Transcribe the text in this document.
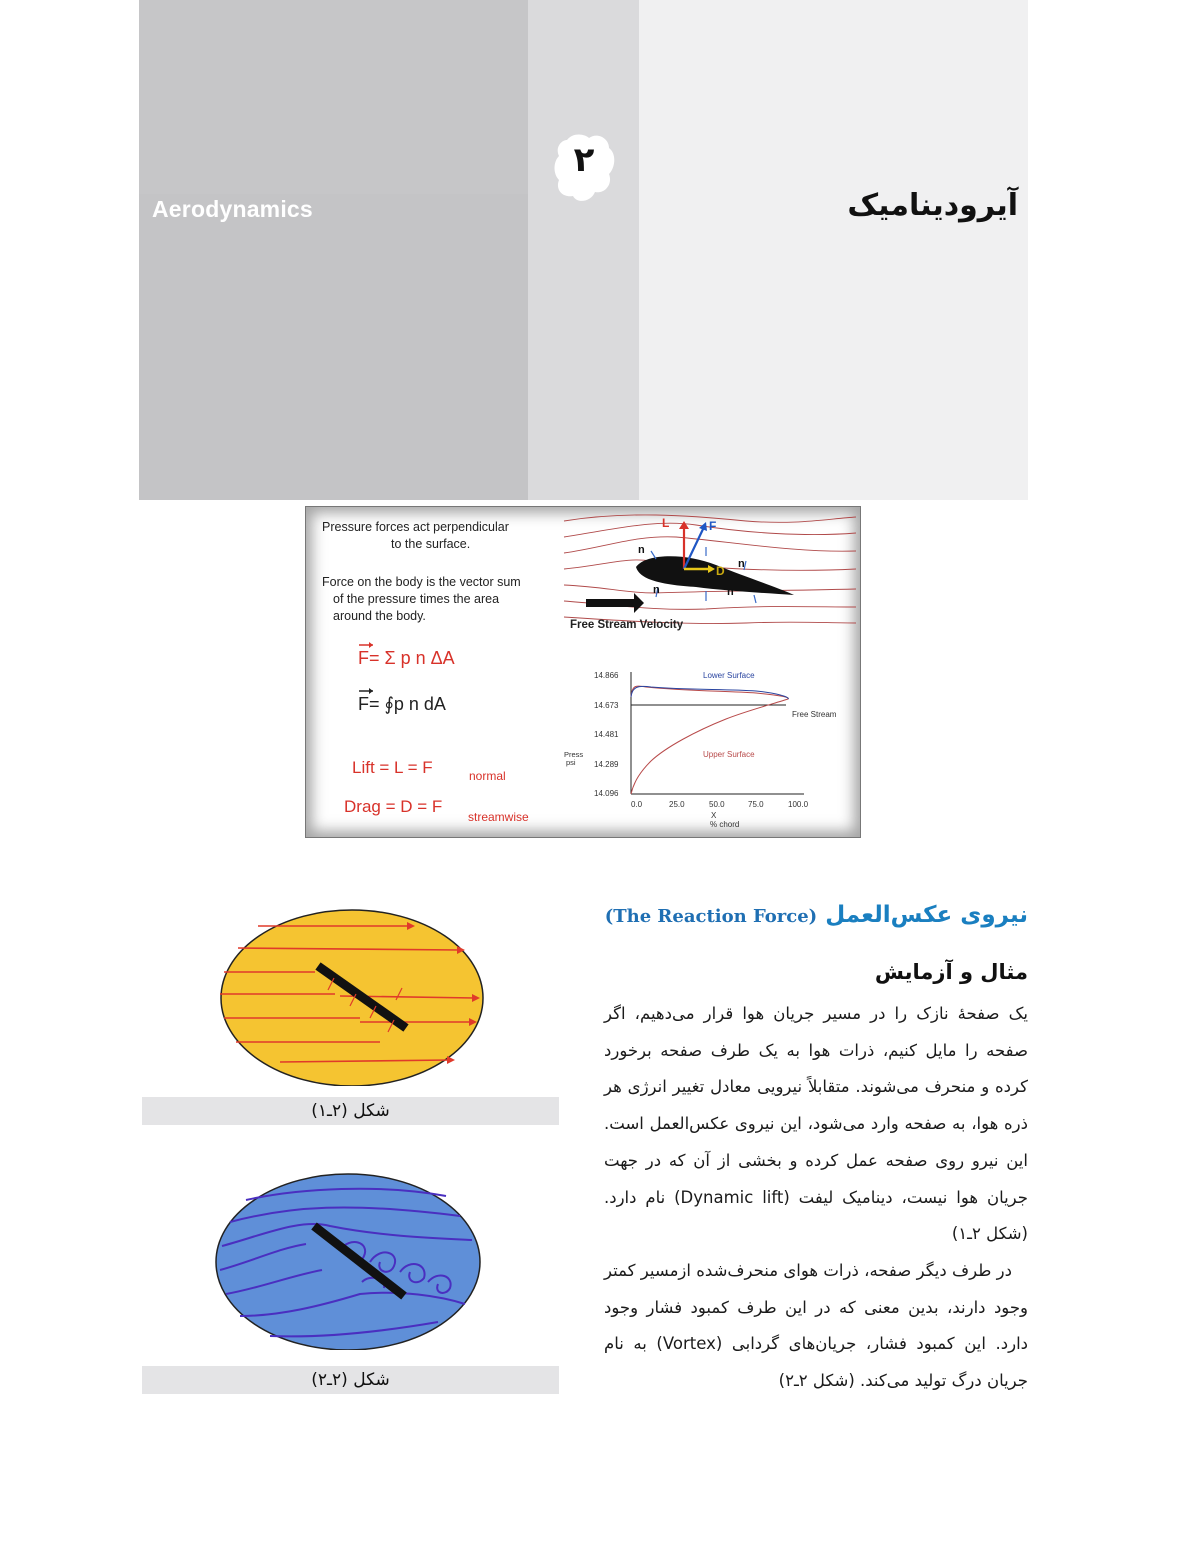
Aerodynamics
۲
آیرودینامیک
Pressure forces act perpendicular
to the surface.
Force on the body is the vector sum
of the pressure times the area
around the body.
F= Σ p n ΔA
F= ∮p n dA
Lift = L = F	normal
Drag = D = F
streamwise
n
n
n	n
L	F
D
Free Stream Velocity
14.866
14.673
14.481
14.289
14.096
Press
psi
0.0	25.0	50.0	75.0	100.0
X
% chord
Lower Surface
Upper Surface
Free Stream
نیروی عکس‌العمل (The Reaction Force)
مثال و آزمایش

یک صفحهٔ نازک را در مسیر جریان هوا قرار می‌دهیم، اگر صفحه را مایل کنیم، ذرات هوا به یک طرف صفحه برخورد کرده و منحرف می‌شوند. متقابلاً نیرویی معادل تغییر انرژی هر ذره هوا، به صفحه وارد می‌شود، این نیروی عکس‌العمل است. این نیرو روی صفحه عمل کرده و بخشی از آن که در جهت جریان هوا نیست، دینامیک لیفت (Dynamic lift) نام دارد. (شکل ۲ـ۱)

در طرف دیگر صفحه، ذرات هوای منحرف‌شده ازمسیر کمتر وجود دارند، بدین معنی که در این طرف کمبود فشار وجود دارد. این کمبود فشار، جریان‌های گردابی (Vortex) به نام جریان درگ تولید می‌کند. (شکل ۲ـ۲)

شکل (۲ـ۱)
شکل (۲ـ۲)
